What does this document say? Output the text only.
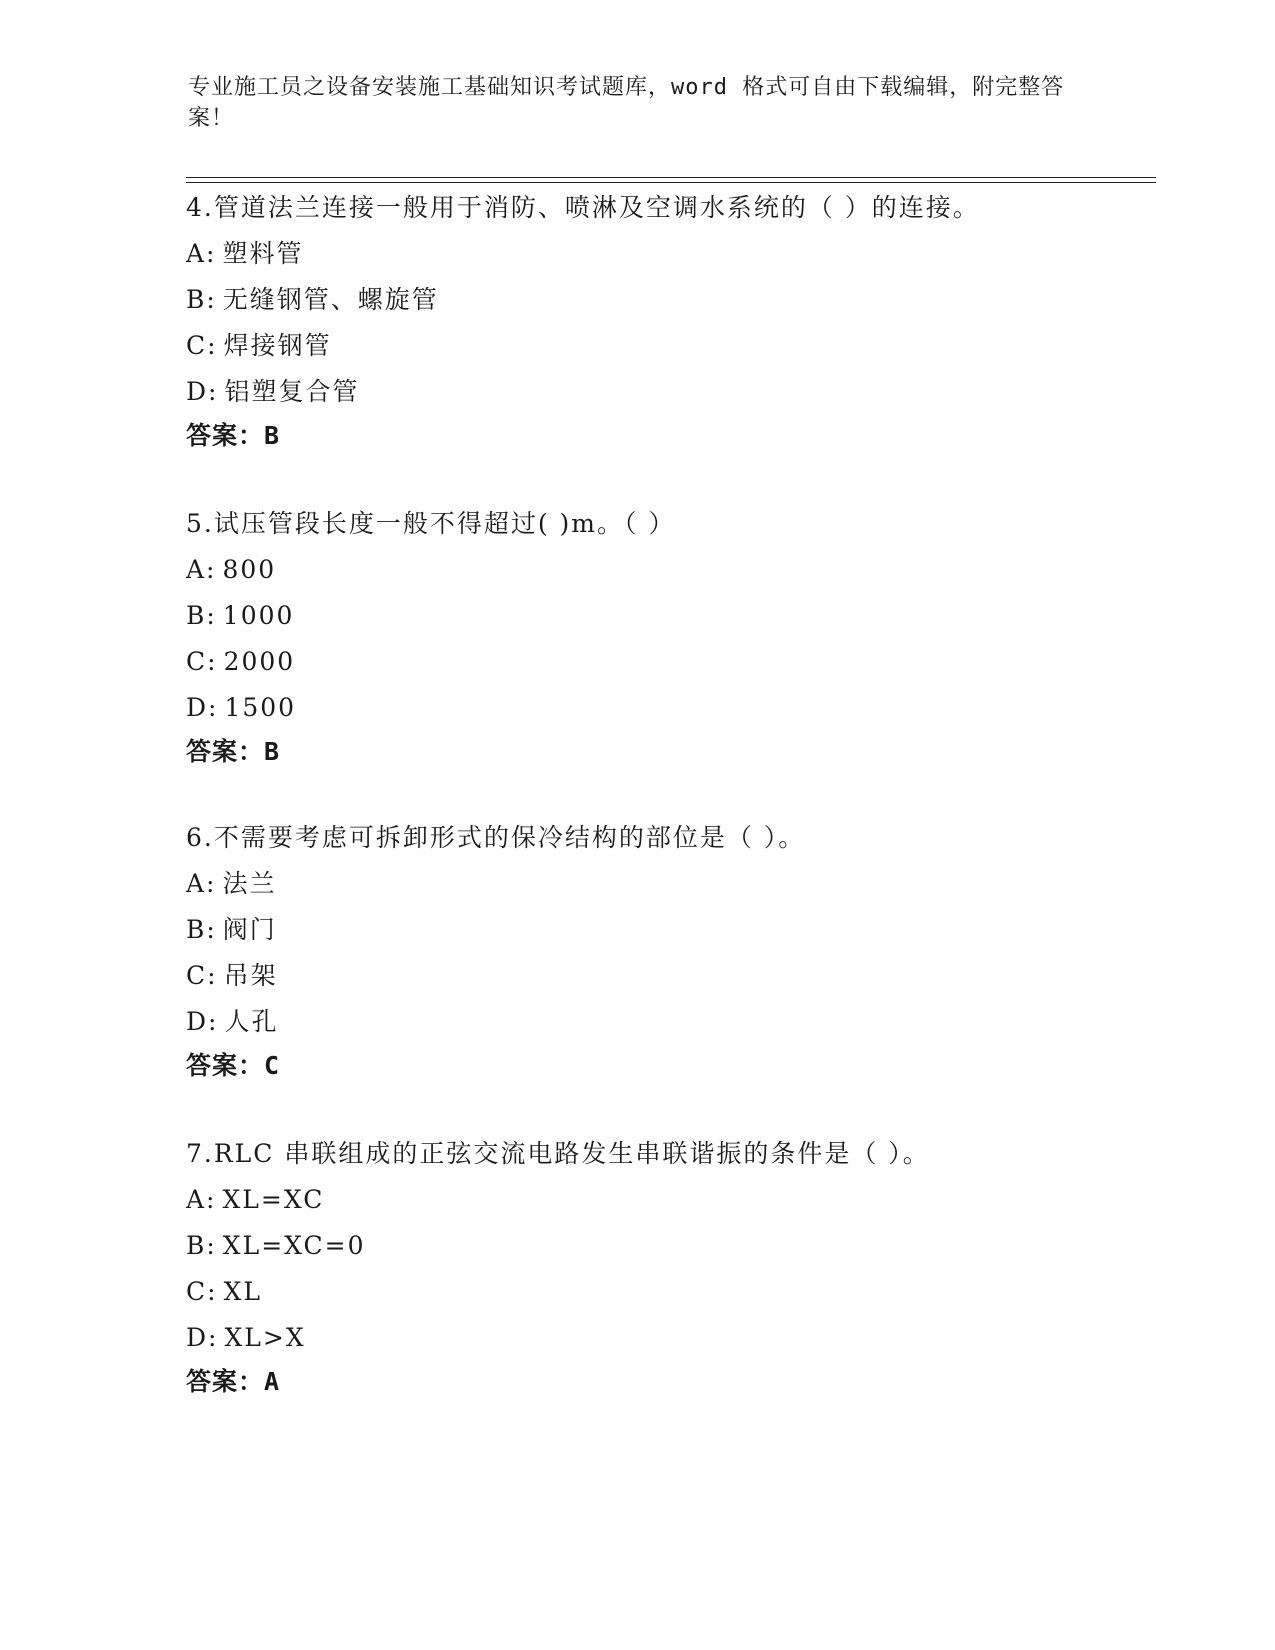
专业施工员之设备安装施工基础知识考试题库，word 格式可自由下载编辑，附完整答案！
4.管道法兰连接一般用于消防、喷淋及空调水系统的（ ）的连接。
A: 塑料管
B: 无缝钢管、螺旋管
C: 焊接钢管
D: 铝塑复合管
答案：B
5.试压管段长度一般不得超过( )m。（ ）
A: 800
B: 1000
C: 2000
D: 1500
答案：B
6.不需要考虑可拆卸形式的保冷结构的部位是（ ）。
A: 法兰
B: 阀门
C: 吊架
D: 人孔
答案：C
7.RLC 串联组成的正弦交流电路发生串联谐振的条件是（ ）。
A: XL=XC
B: XL=XC=0
C: XL
D: XL>X
答案：A
